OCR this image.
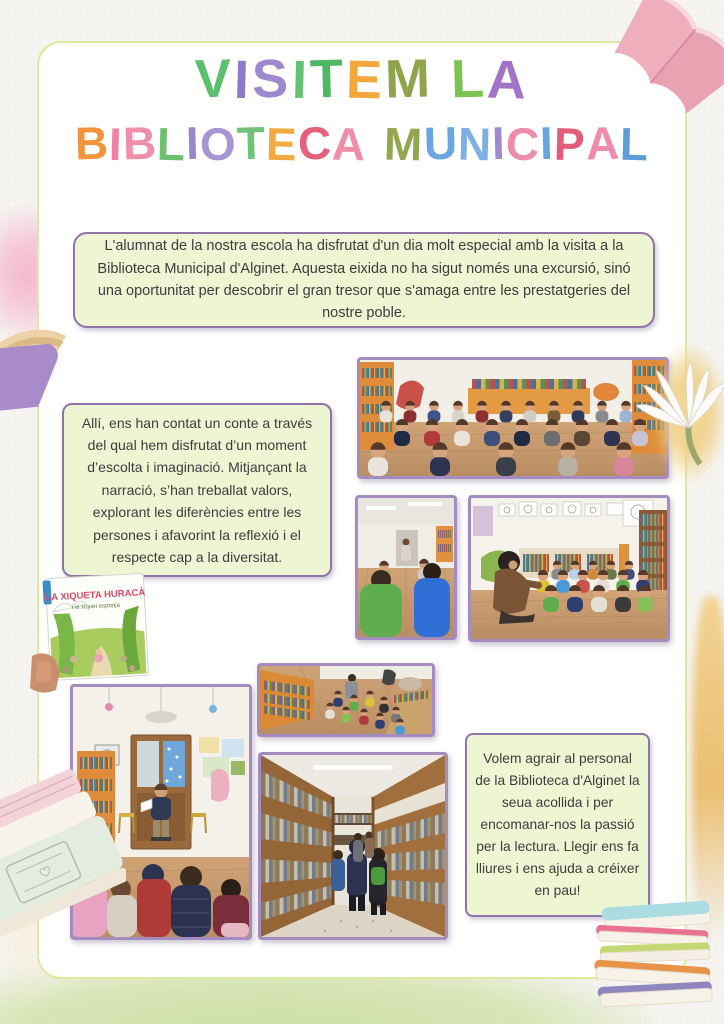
VISITEM LA
BIBLIOTECA MUNICIPAL

L'alumnat de la nostra escola ha disfrutat d'un dia molt especial amb la visita a la Biblioteca Municipal d'Alginet. Aquesta eixida no ha sigut només una excursió, sinó una oportunitat per descobrir el gran tresor que s'amaga entre les prestatgeries del nostre poble.

Allí, ens han contat un conte a través del qual hem disfrutat d’un moment d’escolta i imaginació. Mitjançant la narració, s’han treballat valors, explorant les diferències entre les persones i afavorint la reflexió i el respecte cap a la diversitat.

Volem agrair al personal de la Biblioteca d'Alginet la seua acollida i per encomanar-nos la passió per la lectura. Llegir ens fa lliures i ens ajuda a créixer en pau!

LA XIQUETA HURACÀ
i el xiquet esponja
